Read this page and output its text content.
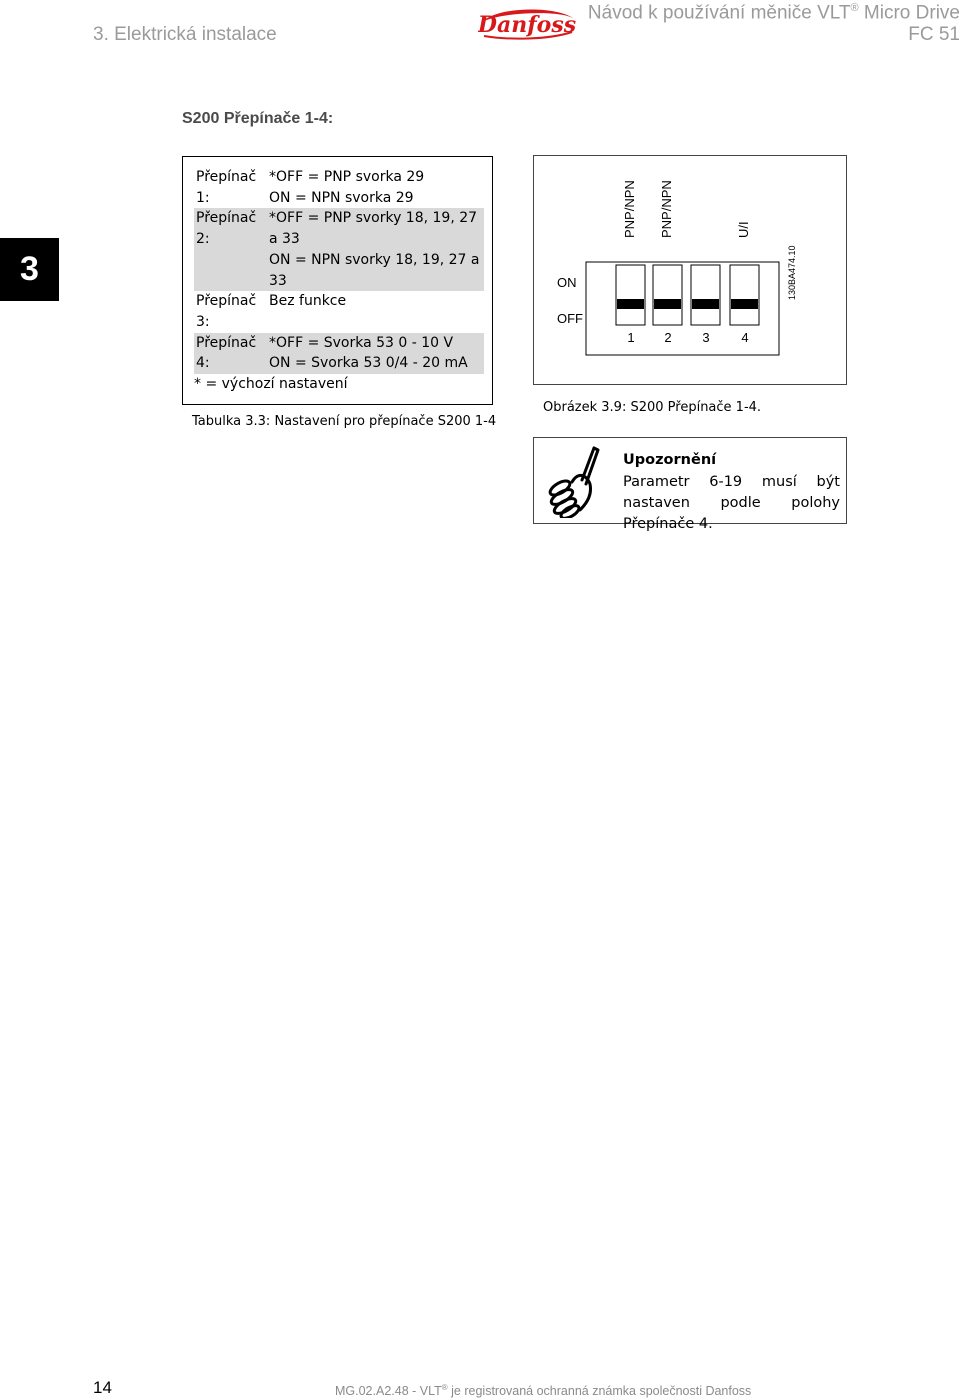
3. Elektrická instalace	Danfoss Návod k používání měniče VLT® Micro Drive
FC 51
3
S200 Přepínače 1-4:
Přepínač 1:	*OFF = PNP svorka 29
ON = NPN svorka 29

Přepínač 2:	*OFF = PNP svorky 18, 19, 27 a 33
ON = NPN svorky 18, 19, 27 a 33

Přepínač 3:	Bez funkce

Přepínač 4:	*OFF = Svorka 53 0 - 10 V
ON = Svorka 53 0/4 - 20 mA

* = výchozí nastavení	
Tabulka 3.3: Nastavení pro přepínače S200 1-4
PNP/NPN PNP/NPN	U/I
130BA474.10
ON
OFF
1 2 3 4
Obrázek 3.9: S200 Přepínače 1-4.
Upozornění
Parametr 6-19 musí být nastaven podle polohy Přepínače 4.
14	MG.02.A2.48 - VLT® je registrovaná ochranná známka společnosti Danfoss
